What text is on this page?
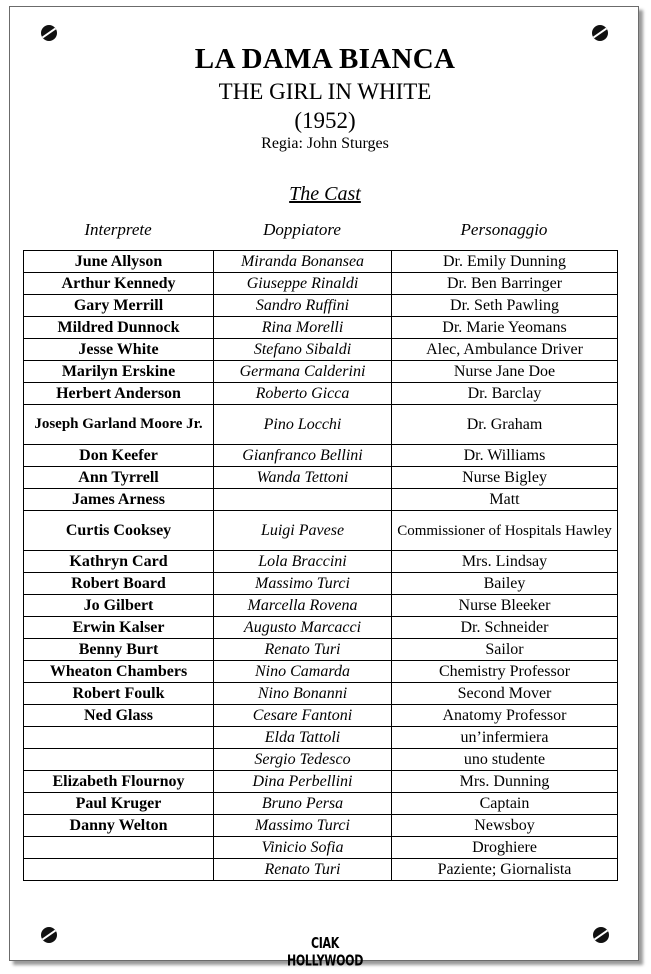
LA DAMA BIANCA
THE GIRL IN WHITE
(1952)
Regia: John Sturges
The Cast
Interprete	Doppiatore	Personaggio
June Allyson	Miranda Bonansea	Dr. Emily Dunning
Arthur Kennedy	Giuseppe Rinaldi	Dr. Ben Barringer
Gary Merrill	Sandro Ruffini	Dr. Seth Pawling
Mildred Dunnock	Rina Morelli	Dr. Marie Yeomans
Jesse White	Stefano Sibaldi	Alec, Ambulance Driver
Marilyn Erskine	Germana Calderini	Nurse Jane Doe
Herbert Anderson	Roberto Gicca	Dr. Barclay
Joseph Garland Moore Jr.	Pino Locchi	Dr. Graham
Don Keefer	Gianfranco Bellini	Dr. Williams
Ann Tyrrell	Wanda Tettoni	Nurse Bigley
James Arness		Matt
Curtis Cooksey	Luigi Pavese	Commissioner of Hospitals Hawley
Kathryn Card	Lola Braccini	Mrs. Lindsay
Robert Board	Massimo Turci	Bailey
Jo Gilbert	Marcella Rovena	Nurse Bleeker
Erwin Kalser	Augusto Marcacci	Dr. Schneider
Benny Burt	Renato Turi	Sailor
Wheaton Chambers	Nino Camarda	Chemistry Professor
Robert Foulk	Nino Bonanni	Second Mover
Ned Glass	Cesare Fantoni	Anatomy Professor
	Elda Tattoli	un’infermiera
	Sergio Tedesco	uno studente
Elizabeth Flournoy	Dina Perbellini	Mrs. Dunning
Paul Kruger	Bruno Persa	Captain
Danny Welton	Massimo Turci	Newsboy
	Vinicio Sofia	Droghiere
	Renato Turi	Paziente; Giornalista
CIAK HOLLYWOOD
